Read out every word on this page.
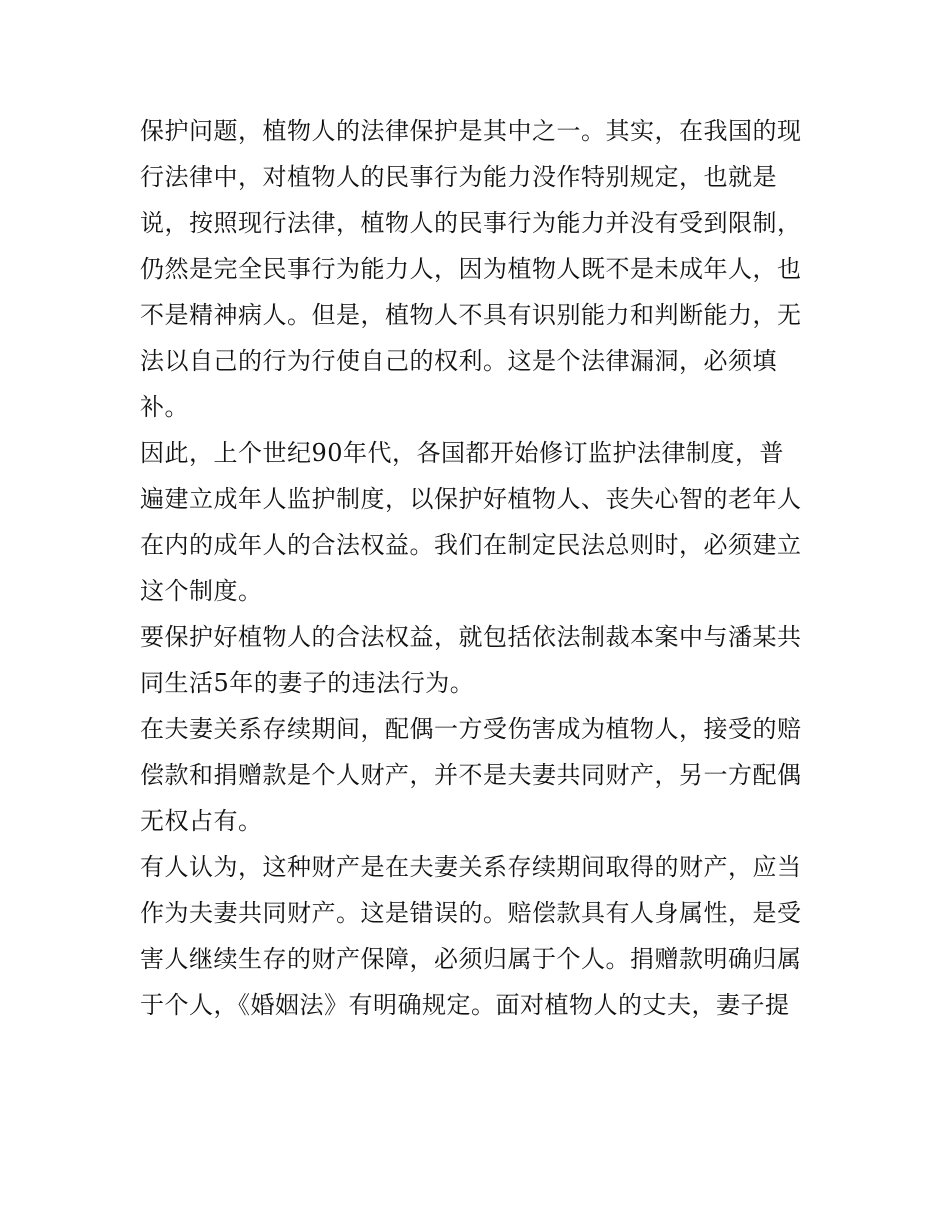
保护问题，植物人的法律保护是其中之一。其实，在我国的现
行法律中，对植物人的民事行为能力没作特别规定，也就是
说，按照现行法律，植物人的民事行为能力并没有受到限制，
仍然是完全民事行为能力人，因为植物人既不是未成年人，也
不是精神病人。但是，植物人不具有识别能力和判断能力，无
法以自己的行为行使自己的权利。这是个法律漏洞，必须填
补。
因此，上个世纪90年代，各国都开始修订监护法律制度，普
遍建立成年人监护制度，以保护好植物人、丧失心智的老年人
在内的成年人的合法权益。我们在制定民法总则时，必须建立
这个制度。
要保护好植物人的合法权益，就包括依法制裁本案中与潘某共
同生活5年的妻子的违法行为。
在夫妻关系存续期间，配偶一方受伤害成为植物人，接受的赔
偿款和捐赠款是个人财产，并不是夫妻共同财产，另一方配偶
无权占有。
有人认为，这种财产是在夫妻关系存续期间取得的财产，应当
作为夫妻共同财产。这是错误的。赔偿款具有人身属性，是受
害人继续生存的财产保障，必须归属于个人。捐赠款明确归属
于个人，《婚姻法》有明确规定。面对植物人的丈夫，妻子提
